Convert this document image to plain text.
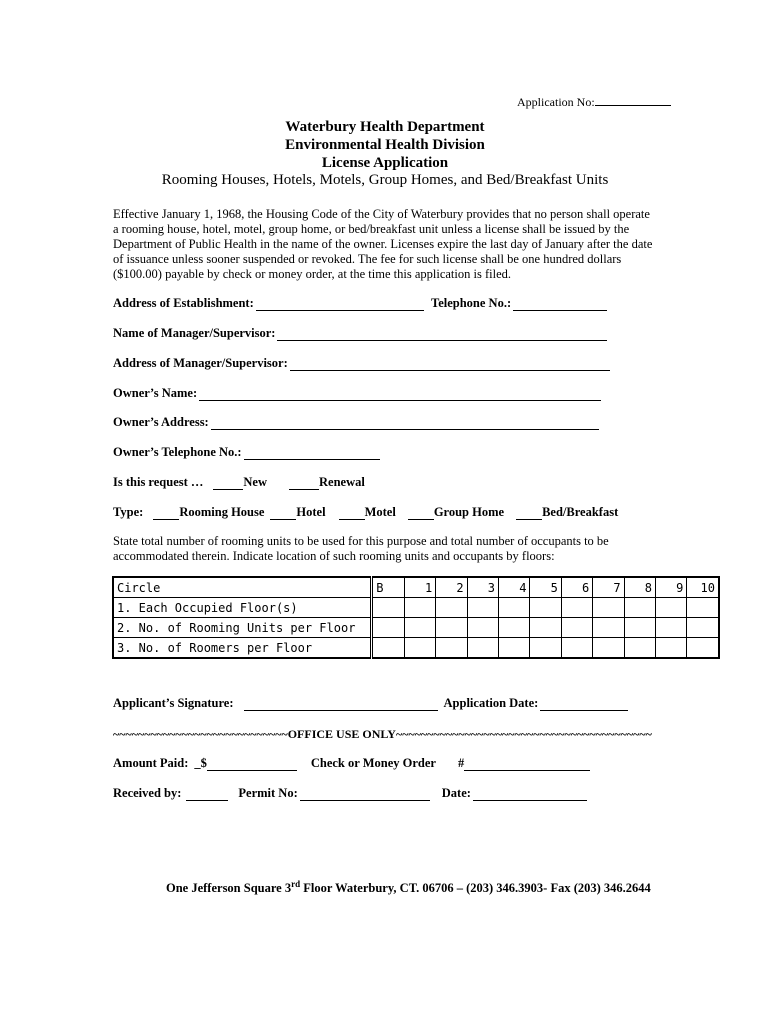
Application No:
Waterbury Health Department
Environmental Health Division
License Application
Rooming Houses, Hotels, Motels, Group Homes, and Bed/Breakfast Units
Effective January 1, 1968, the Housing Code of the City of Waterbury provides that no person shall operate a rooming house, hotel, motel, group home, or bed/breakfast unit unless a license shall be issued by the Department of Public Health in the name of the owner. Licenses expire the last day of January after the date of issuance unless sooner suspended or revoked. The fee for such license shall be one hundred dollars ($100.00) payable by check or money order, at the time this application is filed.
Address of Establishment:	Telephone No.:
Name of Manager/Supervisor:
Address of Manager/Supervisor:
Owner’s Name:
Owner’s Address:
Owner’s Telephone No.:
Is this request …	New	Renewal
Type:	Rooming House	Hotel	Motel	Group Home	Bed/Breakfast
State total number of rooming units to be used for this purpose and total number of occupants to be accommodated therein. Indicate location of such rooming units and occupants by floors:
Circle	B	1	2	3	4	5	6	7	8	9	10
1. Each Occupied Floor(s)											
2. No. of Rooming Units per Floor											
3. No. of Roomers per Floor											
Applicant’s Signature:	Application Date:
~~~~~~~~~~~~~~~~~~~~~~~~~~~~OFFICE USE ONLY~~~~~~~~~~~~~~~~~~~~~~~~~~~~~~~~~~~~~~~~~
Amount Paid: _$	Check or Money Order #
Received by:	Permit No:	Date:
One Jefferson Square 3rd Floor Waterbury, CT. 06706 – (203) 346.3903- Fax (203) 346.2644
